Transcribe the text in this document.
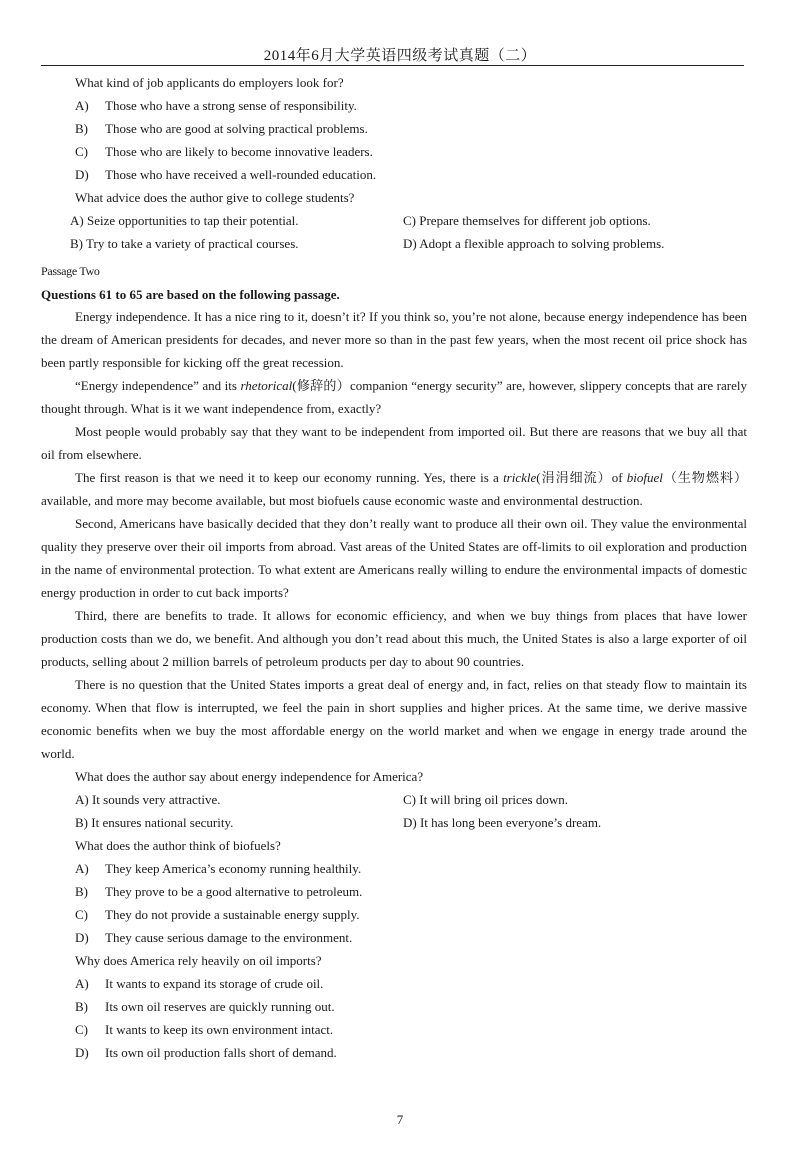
2014年6月大学英语四级考试真题（二）
What kind of job applicants do employers look for?
A)	Those who have a strong sense of responsibility.
B)	Those who are good at solving practical problems.
C)	Those who are likely to become innovative leaders.
D)	Those who have received a well-rounded education.
What advice does the author give to college students?
A) Seize opportunities to tap their potential.	C) Prepare themselves for different job options.
B) Try to take a variety of practical courses.	D) Adopt a flexible approach to solving problems.
Passage Two
Questions 61 to 65 are based on the following passage.
Energy independence. It has a nice ring to it, doesn’t it? If you think so, you’re not alone, because energy independence has been the dream of American presidents for decades, and never more so than in the past few years, when the most recent oil price shock has been partly responsible for kicking off the great recession.
“Energy independence” and its rhetorical(修辞的）companion “energy security” are, however, slippery concepts that are rarely thought through. What is it we want independence from, exactly?
Most people would probably say that they want to be independent from imported oil. But there are reasons that we buy all that oil from elsewhere.
The first reason is that we need it to keep our economy running. Yes, there is a trickle(涓涓细流）of biofuel（生物燃料）available, and more may become available, but most biofuels cause economic waste and environmental destruction.
Second, Americans have basically decided that they don’t really want to produce all their own oil. They value the environmental quality they preserve over their oil imports from abroad. Vast areas of the United States are off-limits to oil exploration and production in the name of environmental protection. To what extent are Americans really willing to endure the environmental impacts of domestic energy production in order to cut back imports?
Third, there are benefits to trade. It allows for economic efficiency, and when we buy things from places that have lower production costs than we do, we benefit. And although you don’t read about this much, the United States is also a large exporter of oil products, selling about 2 million barrels of petroleum products per day to about 90 countries.
There is no question that the United States imports a great deal of energy and, in fact, relies on that steady flow to maintain its economy. When that flow is interrupted, we feel the pain in short supplies and higher prices. At the same time, we derive massive economic benefits when we buy the most affordable energy on the world market and when we engage in energy trade around the world.
What does the author say about energy independence for America?
A) It sounds very attractive.	C) It will bring oil prices down.
B) It ensures national security.	D) It has long been everyone’s dream.
What does the author think of biofuels?
A)	They keep America’s economy running healthily.
B)	They prove to be a good alternative to petroleum.
C)	They do not provide a sustainable energy supply.
D)	They cause serious damage to the environment.
Why does America rely heavily on oil imports?
A)	It wants to expand its storage of crude oil.
B)	Its own oil reserves are quickly running out.
C)	It wants to keep its own environment intact.
D)	Its own oil production falls short of demand.
7
